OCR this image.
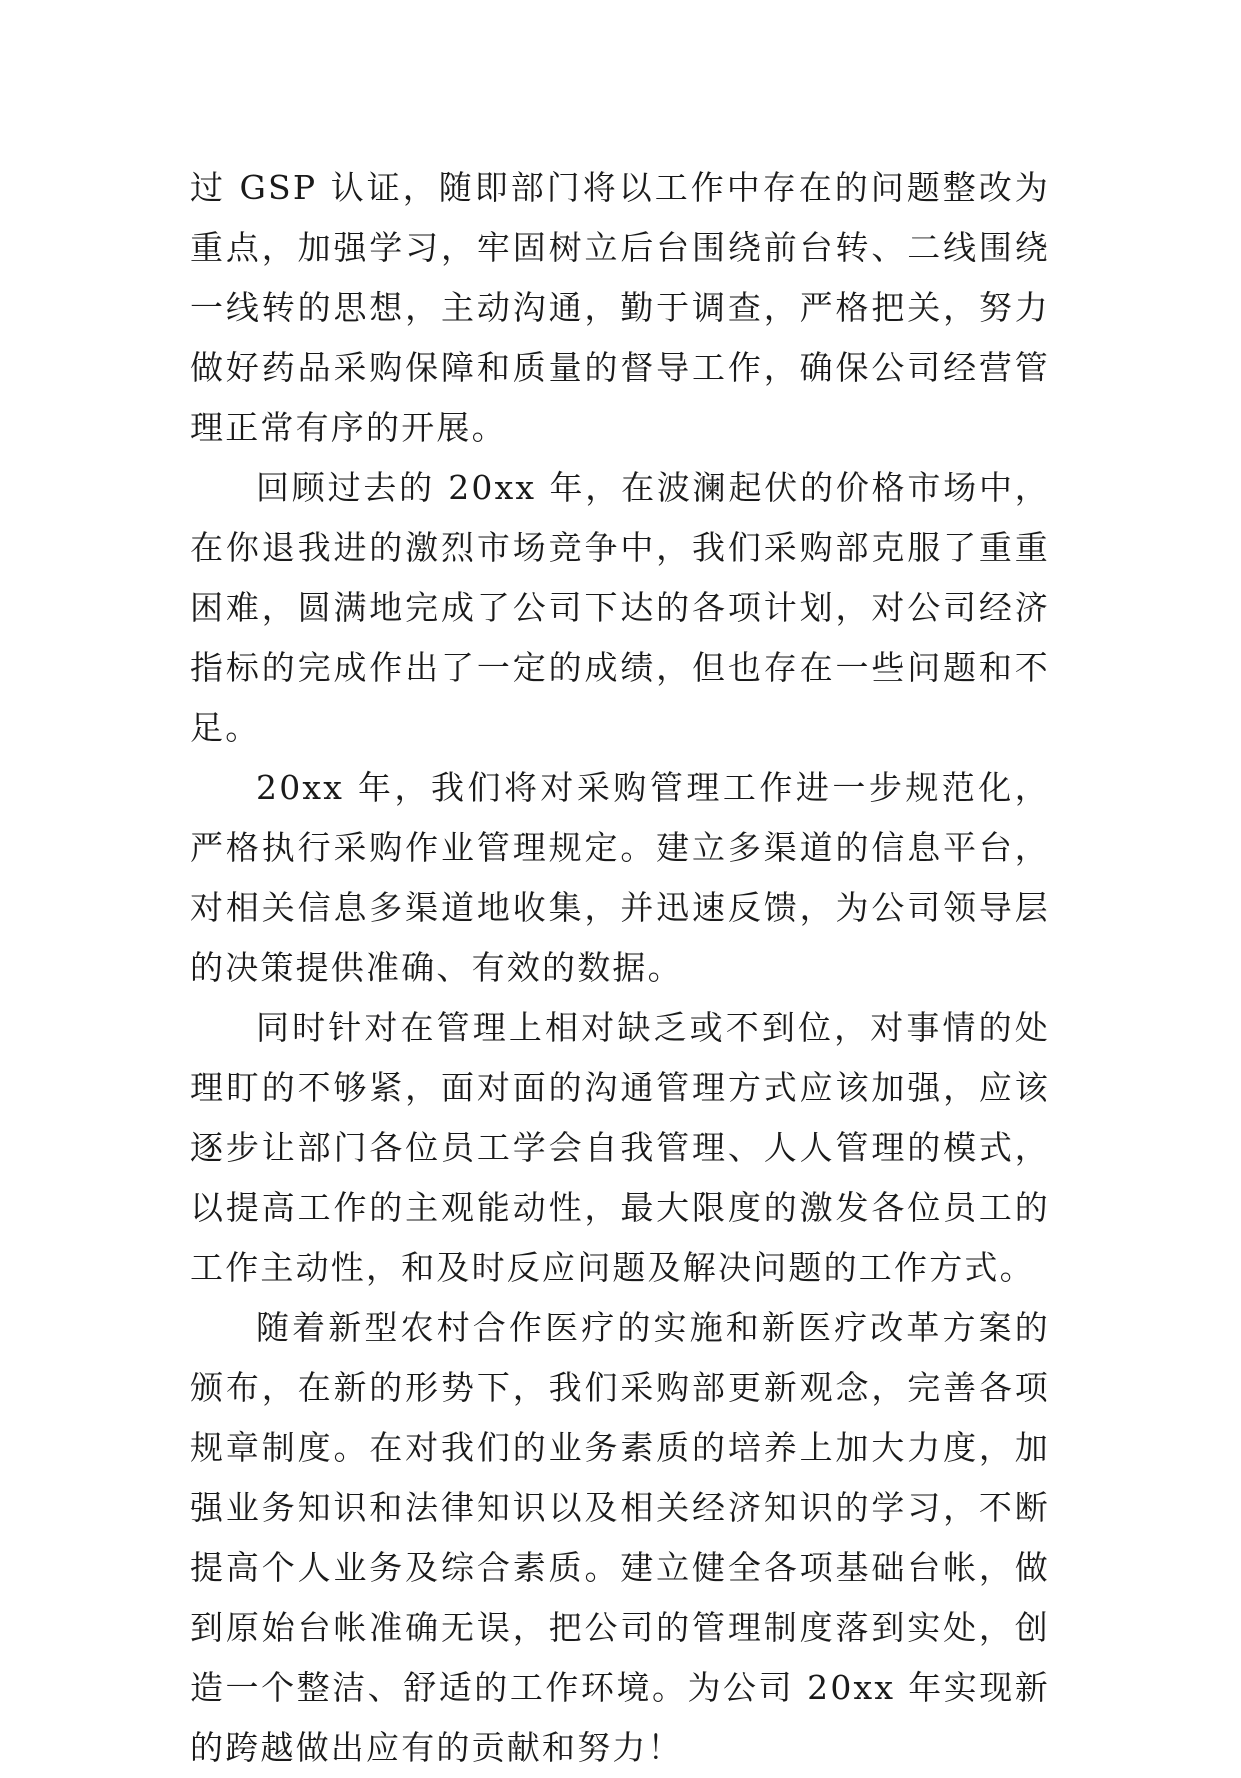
过 GSP 认证，随即部门将以工作中存在的问题整改为重点，加强学习，牢固树立后台围绕前台转、二线围绕一线转的思想，主动沟通，勤于调查，严格把关，努力做好药品采购保障和质量的督导工作，确保公司经营管理正常有序的开展。

回顾过去的 20xx 年，在波澜起伏的价格市场中，在你退我进的激烈市场竞争中，我们采购部克服了重重困难，圆满地完成了公司下达的各项计划，对公司经济指标的完成作出了一定的成绩，但也存在一些问题和不足。

20xx 年，我们将对采购管理工作进一步规范化，严格执行采购作业管理规定。建立多渠道的信息平台，对相关信息多渠道地收集，并迅速反馈，为公司领导层的决策提供准确、有效的数据。

同时针对在管理上相对缺乏或不到位，对事情的处理盯的不够紧，面对面的沟通管理方式应该加强，应该逐步让部门各位员工学会自我管理、人人管理的模式，以提高工作的主观能动性，最大限度的激发各位员工的工作主动性，和及时反应问题及解决问题的工作方式。

随着新型农村合作医疗的实施和新医疗改革方案的颁布，在新的形势下，我们采购部更新观念，完善各项规章制度。在对我们的业务素质的培养上加大力度，加强业务知识和法律知识以及相关经济知识的学习，不断提高个人业务及综合素质。建立健全各项基础台帐，做到原始台帐准确无误，把公司的管理制度落到实处，创造一个整洁、舒适的工作环境。为公司 20xx 年实现新的跨越做出应有的贡献和努力！
